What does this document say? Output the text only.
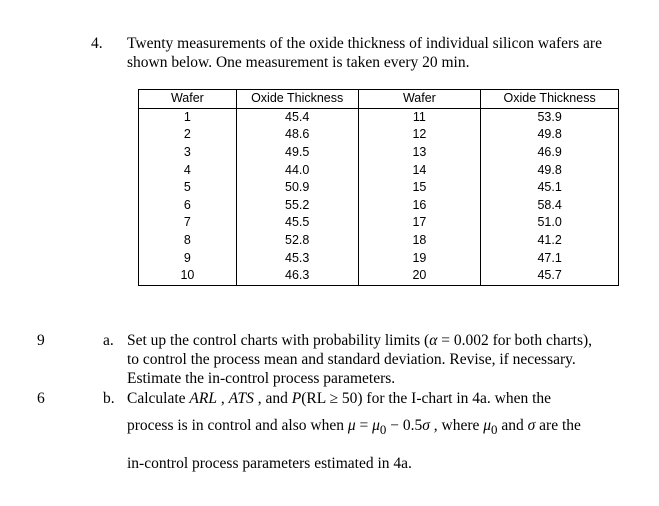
4. Twenty measurements of the oxide thickness of individual silicon wafers are shown below. One measurement is taken every 20 min.
Wafer	Oxide Thickness	Wafer	Oxide Thickness
1	45.4	11	53.9
2	48.6	12	49.8
3	49.5	13	46.9
4	44.0	14	49.8
5	50.9	15	45.1
6	55.2	16	58.4
7	45.5	17	51.0
8	52.8	18	41.2
9	45.3	19	47.1
10	46.3	20	45.7
9	a. Set up the control charts with probability limits (α = 0.002 for both charts),
to control the process mean and standard deviation. Revise, if necessary.
Estimate the in-control process parameters.
6	b. Calculate ARL , ATS , and P(RL ≥ 50) for the I-chart in 4a. when the
process is in control and also when $\mu = \mu_0 - 0.5\sigma$ , where $\mu_0$ and σ are the
in-control process parameters estimated in 4a.
